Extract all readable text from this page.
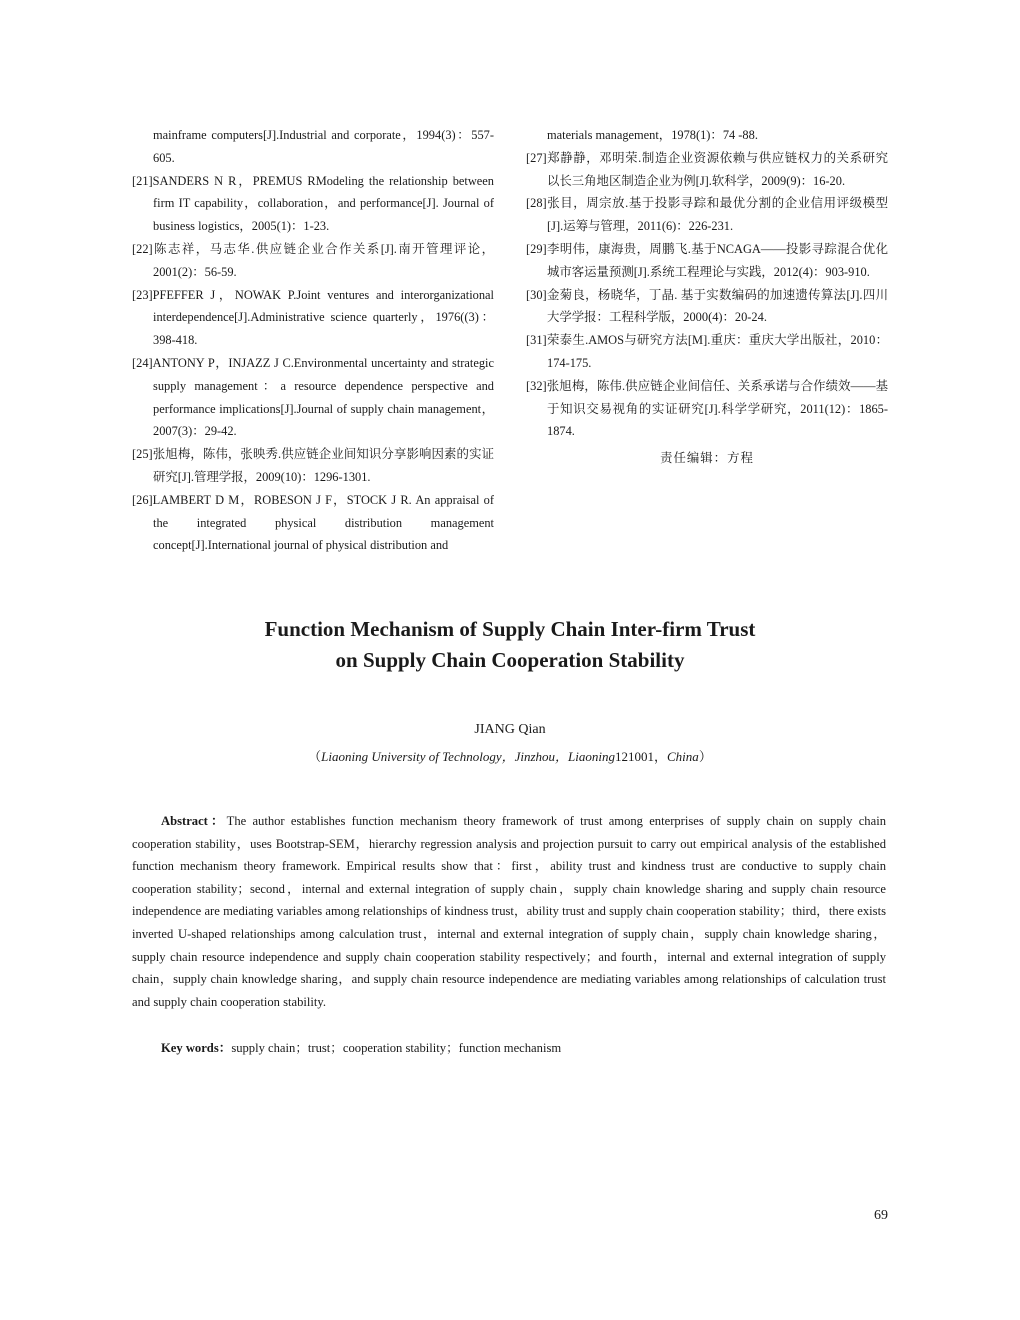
mainframe computers[J].Industrial and corporate，1994(3)：557-605.
[21]SANDERS N R，PREMUS RModeling the relationship between firm IT capability，collaboration，and performance[J]. Journal of business logistics，2005(1)：1-23.
[22]陈志祥，马志华.供应链企业合作关系[J].南开管理评论，2001(2)：56-59.
[23]PFEFFER J，NOWAK P.Joint ventures and interorganizational interdependence[J].Administrative science quarterly，1976((3)：398-418.
[24]ANTONY P，INJAZZ J C.Environmental uncertainty and strategic supply management：a resource dependence perspective and performance implications[J].Journal of supply chain management，2007(3)：29-42.
[25]张旭梅，陈伟，张映秀.供应链企业间知识分享影响因素的实证研究[J].管理学报，2009(10)：1296-1301.
[26]LAMBERT D M，ROBESON J F，STOCK J R. An appraisal of the integrated physical distribution management concept[J].International journal of physical distribution and
materials management，1978(1)：74 -88.
[27]郑静静，邓明荣.制造企业资源依赖与供应链权力的关系研究　　以长三角地区制造企业为例[J].软科学，2009(9)：16-20.
[28]张目，周宗放.基于投影寻踪和最优分割的企业信用评级模型[J].运筹与管理，2011(6)：226-231.
[29]李明伟，康海贵，周鹏飞.基于NCAGA——投影寻踪混合优化城市客运量预测[J].系统工程理论与实践，2012(4)：903-910.
[30]金菊良，杨晓华，丁晶. 基于实数编码的加速遗传算法[J].四川大学学报：工程科学版，2000(4)：20-24.
[31]荣泰生.AMOS与研究方法[M].重庆：重庆大学出版社，2010：174-175.
[32]张旭梅，陈伟.供应链企业间信任、关系承诺与合作绩效——基于知识交易视角的实证研究[J].科学学研究，2011(12)：1865-1874.
责任编辑：方程
Function Mechanism of Supply Chain Inter-firm Trust
on Supply Chain Cooperation Stability
JIANG Qian
（Liaoning University of Technology，Jinzhou，Liaoning121001，China）

Abstract：The author establishes function mechanism theory framework of trust among enterprises of supply chain on supply chain cooperation stability，uses Bootstrap-SEM，hierarchy regression analysis and projection pursuit to carry out empirical analysis of the established function mechanism theory framework. Empirical results show that：first，ability trust and kindness trust are conductive to supply chain cooperation stability；second，internal and external integration of supply chain，supply chain knowledge sharing and supply chain resource independence are mediating variables among relationships of kindness trust，ability trust and supply chain cooperation stability；third，there exists inverted U-shaped relationships among calculation trust，internal and external integration of supply chain，supply chain knowledge sharing，supply chain resource independence and supply chain cooperation stability respectively；and fourth，internal and external integration of supply chain，supply chain knowledge sharing，and supply chain resource independence are mediating variables among relationships of calculation trust and supply chain cooperation stability.

Key words：supply chain；trust；cooperation stability；function mechanism

69
